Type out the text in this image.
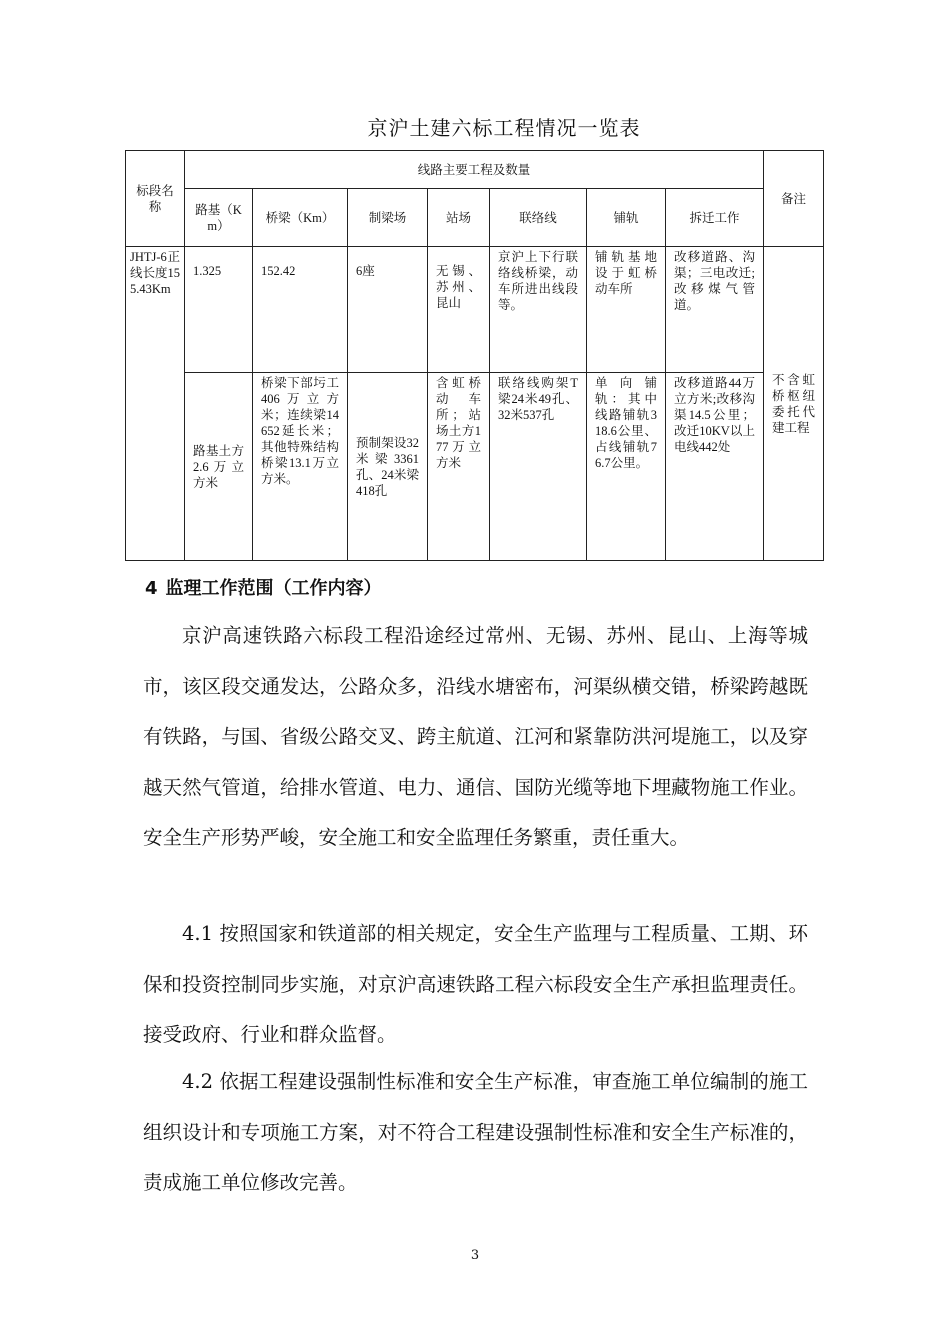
京沪土建六标工程情况一览表
标段名称	线路主要工程及数量							备注
	路基（Km）	桥梁（Km）	制梁场	站场	联络线	铺轨	拆迁工作	
JHTJ-6正线长度155.43Km	1.325	152.42	6座	无锡、苏州、昆山	京沪上下行联络线桥梁，动车所进出线段等。	铺轨基地设于虹桥动车所	改移道路、沟渠；三电改迁;改移煤气管道。	不含虹桥枢纽委托代建工程
	路基土方 2.6万立方米	桥梁下部圬工406万立方米；连续梁14652延长米；其他特殊结构桥梁13.1万立方米。	预制架设32米梁3361孔、24米梁418孔	含虹桥动车所；站场土方177万立方米	联络线购架T梁24米49孔、32米537孔	单向铺轨：其中线路铺轨318.6公里、占线铺轨76.7公里。	改移道路44万立方米;改移沟渠14.5公里；改迁10KV以上电线442处	
4 监理工作范围（工作内容）

京沪高速铁路六标段工程沿途经过常州、无锡、苏州、昆山、上海等城市，该区段交通发达，公路众多，沿线水塘密布，河渠纵横交错，桥梁跨越既有铁路，与国、省级公路交叉、跨主航道、江河和紧靠防洪河堤施工，以及穿越天然气管道，给排水管道、电力、通信、国防光缆等地下埋藏物施工作业。安全生产形势严峻，安全施工和安全监理任务繁重，责任重大。

4.1 按照国家和铁道部的相关规定，安全生产监理与工程质量、工期、环保和投资控制同步实施，对京沪高速铁路工程六标段安全生产承担监理责任。接受政府、行业和群众监督。

4.2 依据工程建设强制性标准和安全生产标准，审查施工单位编制的施工组织设计和专项施工方案，对不符合工程建设强制性标准和安全生产标准的，责成施工单位修改完善。

3
